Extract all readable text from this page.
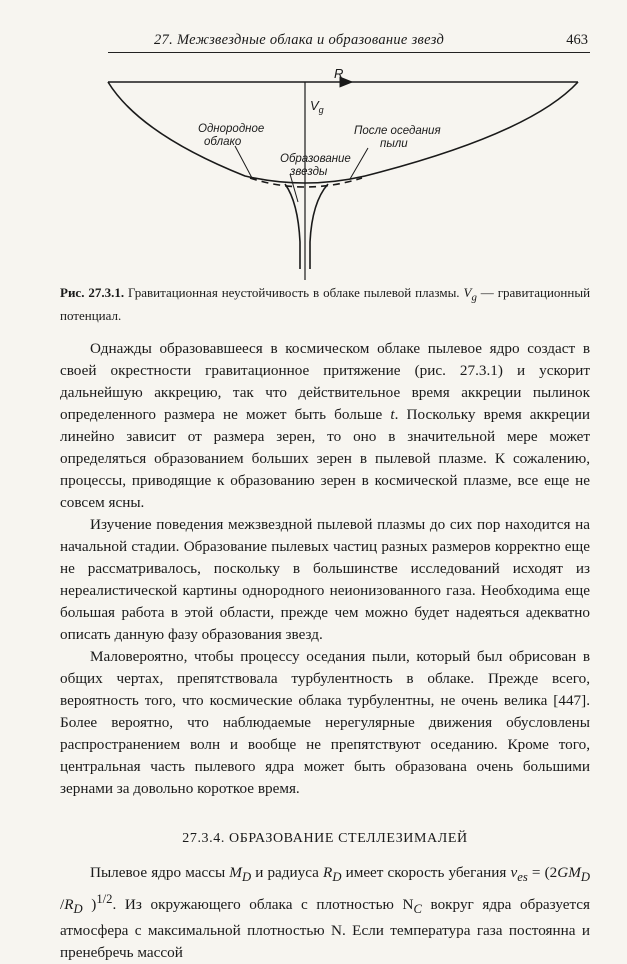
27. Межзвездные облака и образование звезд	463
R
$V_g$
Однородное
облако
Образование
звезды
После оседания
пыли
Рис. 27.3.1. Гравитационная неустойчивость в облаке пылевой плазмы. $V_g$ — гравитационный потенциал.

Однажды образовавшееся в космическом облаке пылевое ядро создаст в своей окрестности гравитационное притяжение (рис. 27.3.1) и ускорит дальнейшую аккрецию, так что действительное время аккреции пылинок определенного размера не может быть больше t. Поскольку время аккреции линейно зависит от размера зерен, то оно в значительной мере может определяться образованием больших зерен в пылевой плазме. К сожалению, процессы, приводящие к образованию зерен в космической плазме, все еще не совсем ясны.

Изучение поведения межзвездной пылевой плазмы до сих пор находится на начальной стадии. Образование пылевых частиц разных размеров корректно еще не рассматривалось, поскольку в большинстве исследований исходят из нереалистической картины однородного неионизованного газа. Необходима еще большая работа в этой области, прежде чем можно будет надеяться адекватно описать данную фазу образования звезд.

Маловероятно, чтобы процессу оседания пыли, который был обрисован в общих чертах, препятствовала турбулентность в облаке. Прежде всего, вероятность того, что космические облака турбулентны, не очень велика [447]. Более вероятно, что наблюдаемые нерегулярные движения обусловлены распространением волн и вообще не препятствуют оседанию. Кроме того, центральная часть пылевого ядра может быть образована очень большими зернами за довольно короткое время.

27.3.4. ОБРАЗОВАНИЕ СТЕЛЛЕЗИМАЛЕЙ

Пылевое ядро массы $M_D$ и радиуса $R_D$ имеет скорость убегания $v_{es} = (2GM_D$ $/R_D$ )$^{1/2}$. Из окружающего облака с плотностью $N_C$ вокруг ядра образуется атмосфера с максимальной плотностью N. Если температура газа постоянна и пренебречь массой
